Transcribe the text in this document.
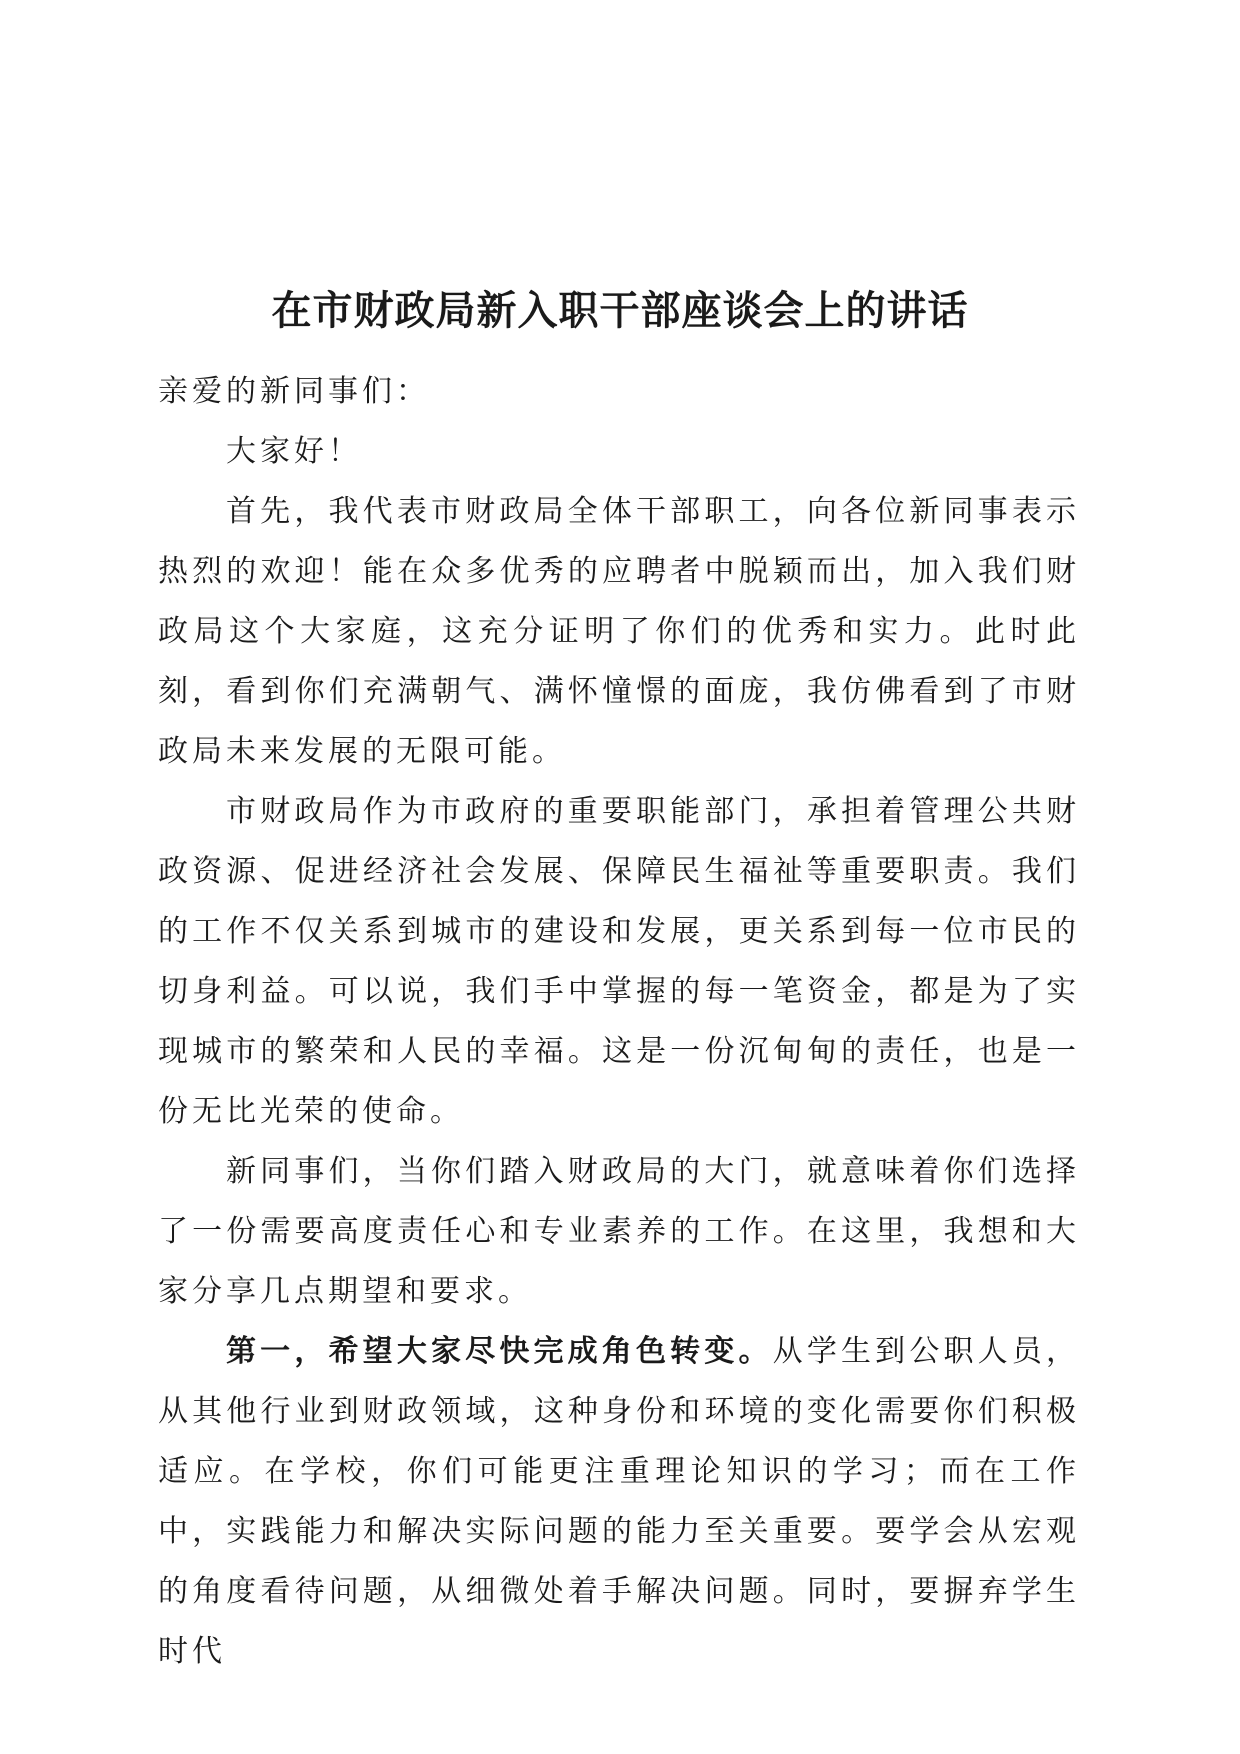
在市财政局新入职干部座谈会上的讲话

亲爱的新同事们：

大家好！

首先，我代表市财政局全体干部职工，向各位新同事表示热烈的欢迎！能在众多优秀的应聘者中脱颖而出，加入我们财政局这个大家庭，这充分证明了你们的优秀和实力。此时此刻，看到你们充满朝气、满怀憧憬的面庞，我仿佛看到了市财政局未来发展的无限可能。

市财政局作为市政府的重要职能部门，承担着管理公共财政资源、促进经济社会发展、保障民生福祉等重要职责。我们的工作不仅关系到城市的建设和发展，更关系到每一位市民的切身利益。可以说，我们手中掌握的每一笔资金，都是为了实现城市的繁荣和人民的幸福。这是一份沉甸甸的责任，也是一份无比光荣的使命。

新同事们，当你们踏入财政局的大门，就意味着你们选择了一份需要高度责任心和专业素养的工作。在这里，我想和大家分享几点期望和要求。

第一，希望大家尽快完成角色转变。从学生到公职人员，从其他行业到财政领域，这种身份和环境的变化需要你们积极适应。在学校，你们可能更注重理论知识的学习；而在工作中，实践能力和解决实际问题的能力至关重要。要学会从宏观的角度看待问题，从细微处着手解决问题。同时，要摒弃学生时代
